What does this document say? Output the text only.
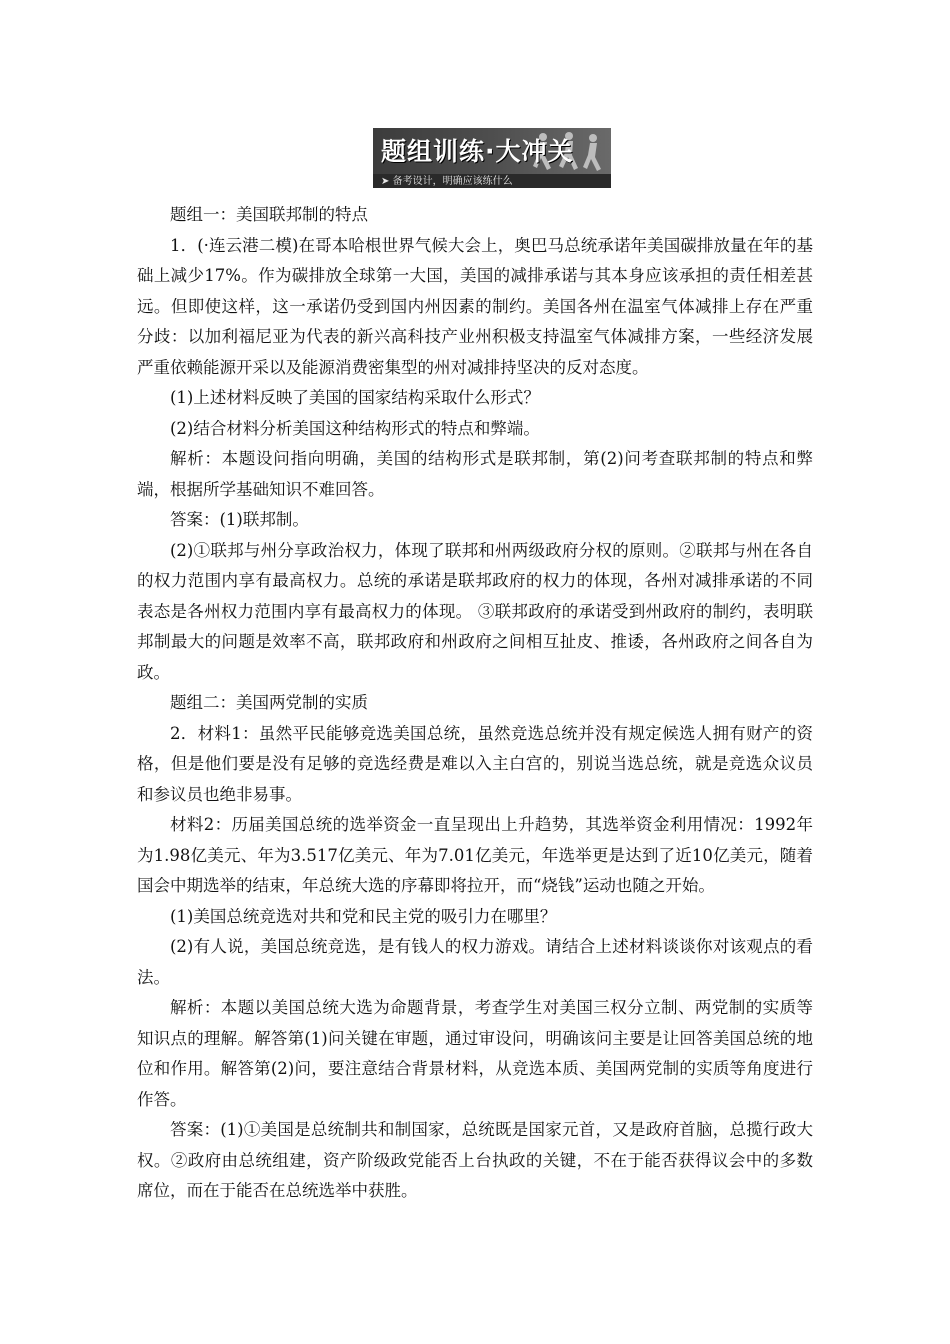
题组训练·大冲关
➤ 备考设计，明确应该练什么

题组一：美国联邦制的特点

1．(·连云港二模)在哥本哈根世界气候大会上，奥巴马总统承诺年美国碳排放量在年的基础上减少17%。作为碳排放全球第一大国，美国的减排承诺与其本身应该承担的责任相差甚远。但即使这样，这一承诺仍受到国内州因素的制约。美国各州在温室气体减排上存在严重分歧：以加利福尼亚为代表的新兴高科技产业州积极支持温室气体减排方案，一些经济发展严重依赖能源开采以及能源消费密集型的州对减排持坚决的反对态度。

(1)上述材料反映了美国的国家结构采取什么形式？

(2)结合材料分析美国这种结构形式的特点和弊端。

解析：本题设问指向明确，美国的结构形式是联邦制，第(2)问考查联邦制的特点和弊端，根据所学基础知识不难回答。

答案：(1)联邦制。

(2)①联邦与州分享政治权力，体现了联邦和州两级政府分权的原则。②联邦与州在各自的权力范围内享有最高权力。总统的承诺是联邦政府的权力的体现，各州对减排承诺的不同表态是各州权力范围内享有最高权力的体现。 ③联邦政府的承诺受到州政府的制约，表明联邦制最大的问题是效率不高，联邦政府和州政府之间相互扯皮、推诿，各州政府之间各自为政。

题组二：美国两党制的实质

2．材料1：虽然平民能够竞选美国总统，虽然竞选总统并没有规定候选人拥有财产的资格，但是他们要是没有足够的竞选经费是难以入主白宫的，别说当选总统，就是竞选众议员和参议员也绝非易事。

材料2：历届美国总统的选举资金一直呈现出上升趋势，其选举资金利用情况：1992年为1.98亿美元、年为3.517亿美元、年为7.01亿美元，年选举更是达到了近10亿美元，随着国会中期选举的结束，年总统大选的序幕即将拉开，而“烧钱”运动也随之开始。

(1)美国总统竞选对共和党和民主党的吸引力在哪里？

(2)有人说，美国总统竞选，是有钱人的权力游戏。请结合上述材料谈谈你对该观点的看法。

解析：本题以美国总统大选为命题背景，考查学生对美国三权分立制、两党制的实质等知识点的理解。解答第(1)问关键在审题，通过审设问，明确该问主要是让回答美国总统的地位和作用。解答第(2)问，要注意结合背景材料，从竞选本质、美国两党制的实质等角度进行作答。

答案：(1)①美国是总统制共和制国家，总统既是国家元首，又是政府首脑，总揽行政大权。②政府由总统组建，资产阶级政党能否上台执政的关键，不在于能否获得议会中的多数席位，而在于能否在总统选举中获胜。
